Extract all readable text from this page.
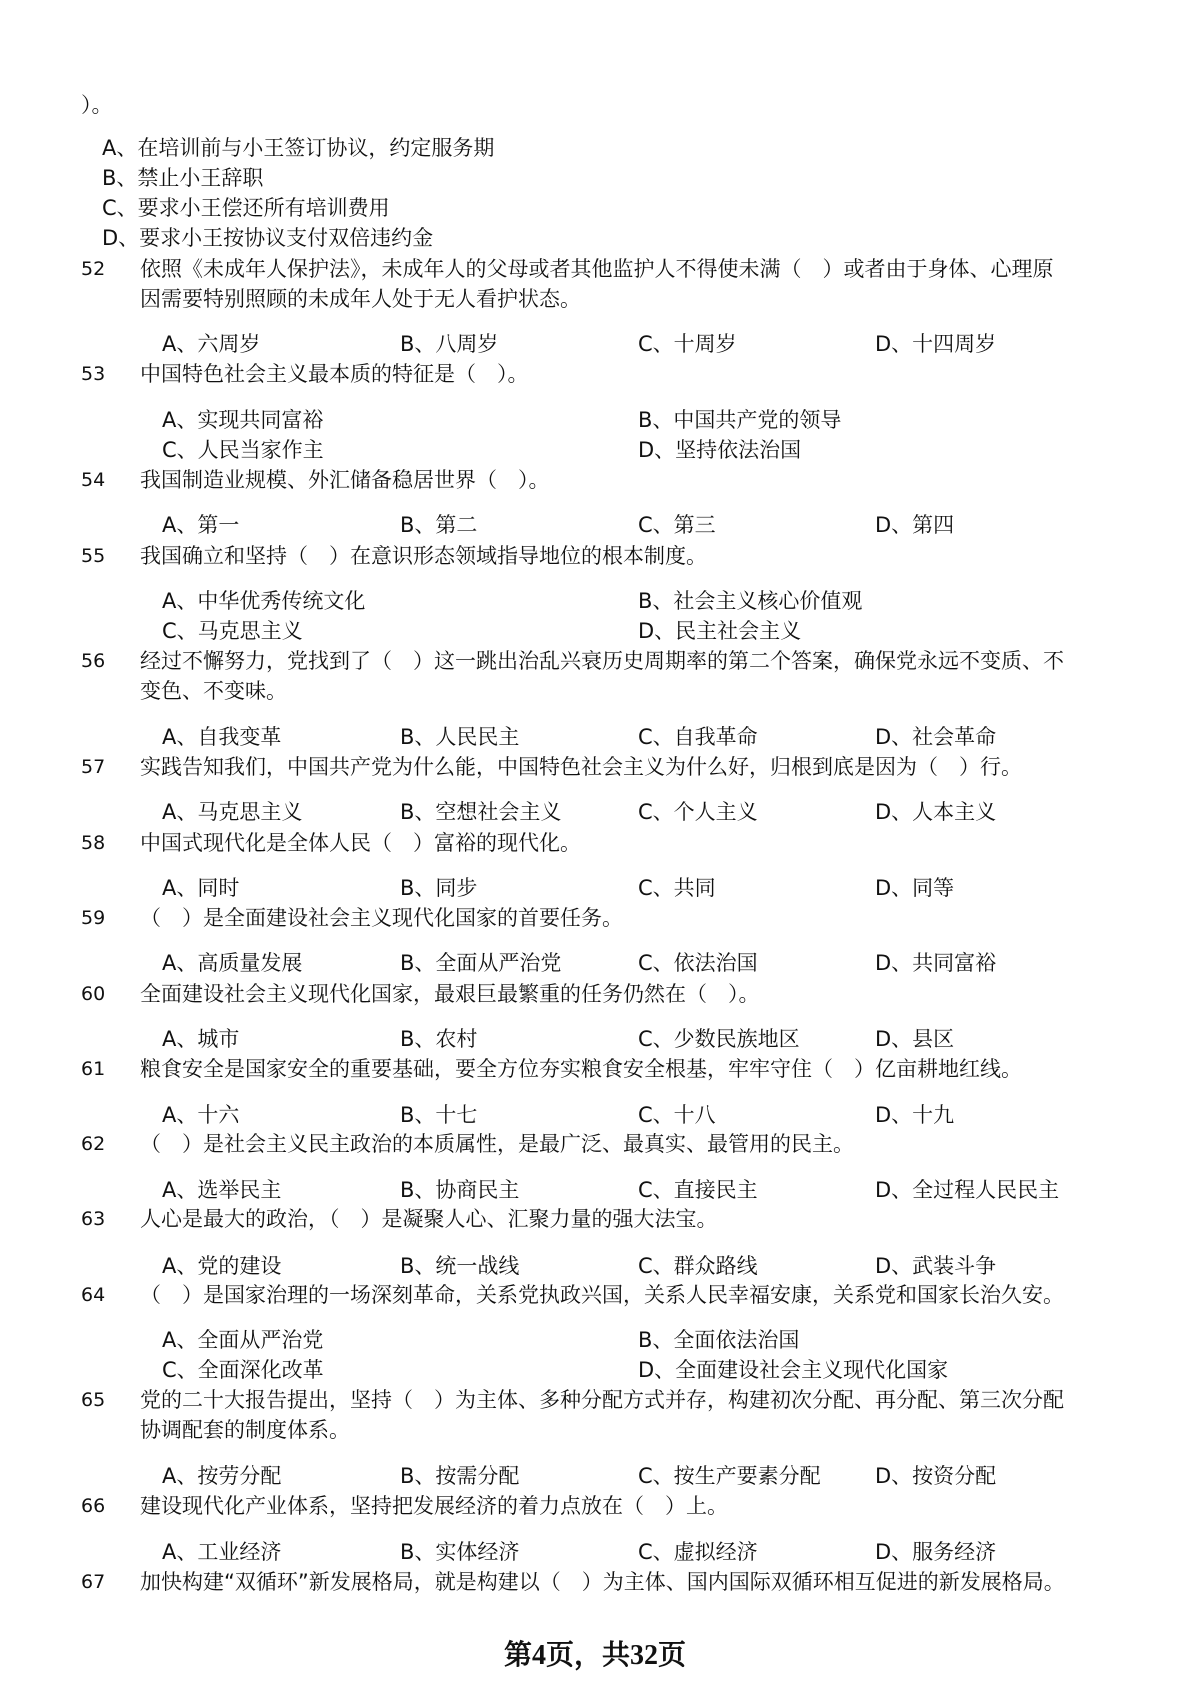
）。
A、在培训前与小王签订协议，约定服务期
B、禁止小王辞职
C、要求小王偿还所有培训费用
D、要求小王按协议支付双倍违约金
52 依照《未成年人保护法》，未成年人的父母或者其他监护人不得使未满（　）或者由于身体、心理原
因需要特别照顾的未成年人处于无人看护状态。
A、六周岁	B、八周岁	C、十周岁	D、十四周岁
53 中国特色社会主义最本质的特征是（　）。
A、实现共同富裕	B、中国共产党的领导
C、人民当家作主	D、坚持依法治国
54 我国制造业规模、外汇储备稳居世界（　）。
A、第一	B、第二	C、第三	D、第四
55 我国确立和坚持（　）在意识形态领域指导地位的根本制度。
A、中华优秀传统文化	B、社会主义核心价值观
C、马克思主义	D、民主社会主义
56 经过不懈努力，党找到了（　）这一跳出治乱兴衰历史周期率的第二个答案，确保党永远不变质、不
变色、不变味。
A、自我变革	B、人民民主	C、自我革命	D、社会革命
57 实践告知我们，中国共产党为什么能，中国特色社会主义为什么好，归根到底是因为（　）行。
A、马克思主义	B、空想社会主义	C、个人主义	D、人本主义
58 中国式现代化是全体人民（　）富裕的现代化。
A、同时	B、同步	C、共同	D、同等
59 （　）是全面建设社会主义现代化国家的首要任务。
A、高质量发展	B、全面从严治党	C、依法治国	D、共同富裕
60 全面建设社会主义现代化国家，最艰巨最繁重的任务仍然在（　）。
A、城市	B、农村	C、少数民族地区	D、县区
61 粮食安全是国家安全的重要基础，要全方位夯实粮食安全根基，牢牢守住（　）亿亩耕地红线。
A、十六	B、十七	C、十八	D、十九
62 （　）是社会主义民主政治的本质属性，是最广泛、最真实、最管用的民主。
A、选举民主	B、协商民主	C、直接民主	D、全过程人民民主
63 人心是最大的政治，（　）是凝聚人心、汇聚力量的强大法宝。
A、党的建设	B、统一战线	C、群众路线	D、武装斗争
64 （　）是国家治理的一场深刻革命，关系党执政兴国，关系人民幸福安康，关系党和国家长治久安。
A、全面从严治党	B、全面依法治国
C、全面深化改革	D、全面建设社会主义现代化国家
65 党的二十大报告提出，坚持（　）为主体、多种分配方式并存，构建初次分配、再分配、第三次分配
协调配套的制度体系。
A、按劳分配	B、按需分配	C、按生产要素分配	D、按资分配
66 建设现代化产业体系，坚持把发展经济的着力点放在（　）上。
A、工业经济	B、实体经济	C、虚拟经济	D、服务经济
67 加快构建“双循环”新发展格局，就是构建以（　）为主体、国内国际双循环相互促进的新发展格局。
第4页，共32页
